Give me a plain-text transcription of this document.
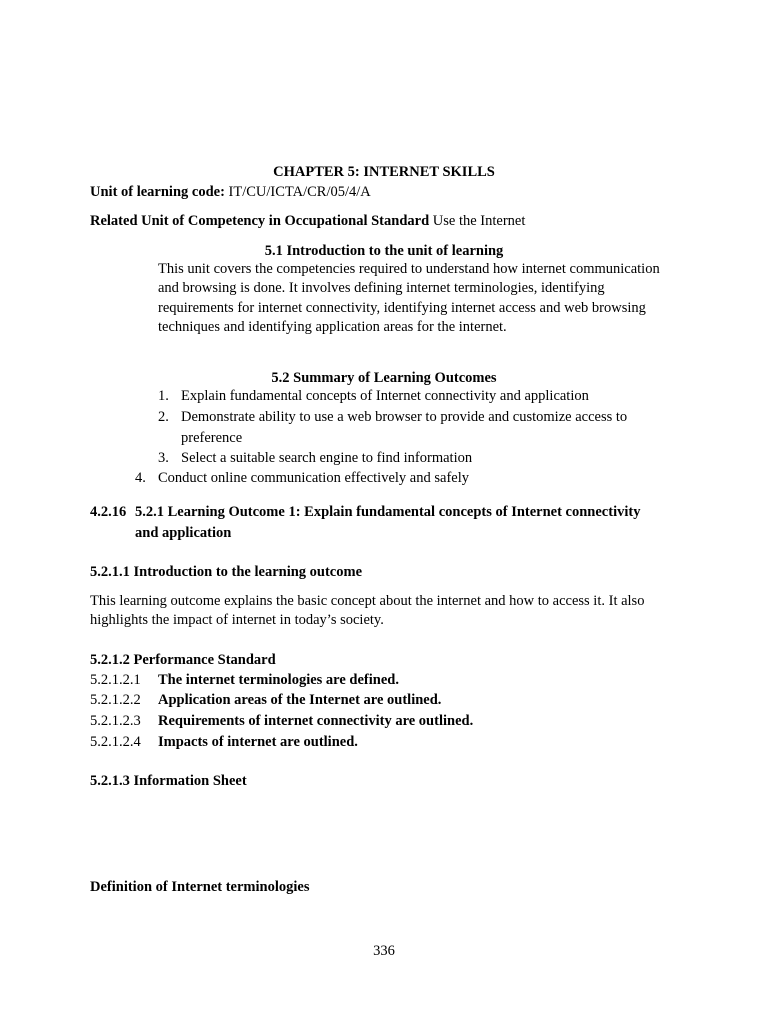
CHAPTER 5: INTERNET SKILLS
Unit of learning code: IT/CU/ICTA/CR/05/4/A
Related Unit of Competency in Occupational Standard Use the Internet
5.1 Introduction to the unit of learning
This unit covers the competencies required to understand how internet communication and browsing is done. It involves defining internet terminologies, identifying requirements for internet connectivity, identifying internet access and web browsing techniques and identifying application areas for the internet.
5.2 Summary of Learning Outcomes
1. Explain fundamental concepts of Internet connectivity and application
2. Demonstrate ability to use a web browser to provide and customize access to
preference
3. Select a suitable search engine to find information
4. Conduct online communication effectively and safely
4.2.16 5.2.1 Learning Outcome 1: Explain fundamental concepts of Internet connectivity
and application
5.2.1.1 Introduction to the learning outcome
This learning outcome explains the basic concept about the internet and how to access it. It also highlights the impact of internet in today’s society.
5.2.1.2 Performance Standard
5.2.1.2.1 The internet terminologies are defined.
5.2.1.2.2 Application areas of the Internet are outlined.
5.2.1.2.3 Requirements of internet connectivity are outlined.
5.2.1.2.4 Impacts of internet are outlined.
5.2.1.3 Information Sheet
Definition of Internet terminologies
336
